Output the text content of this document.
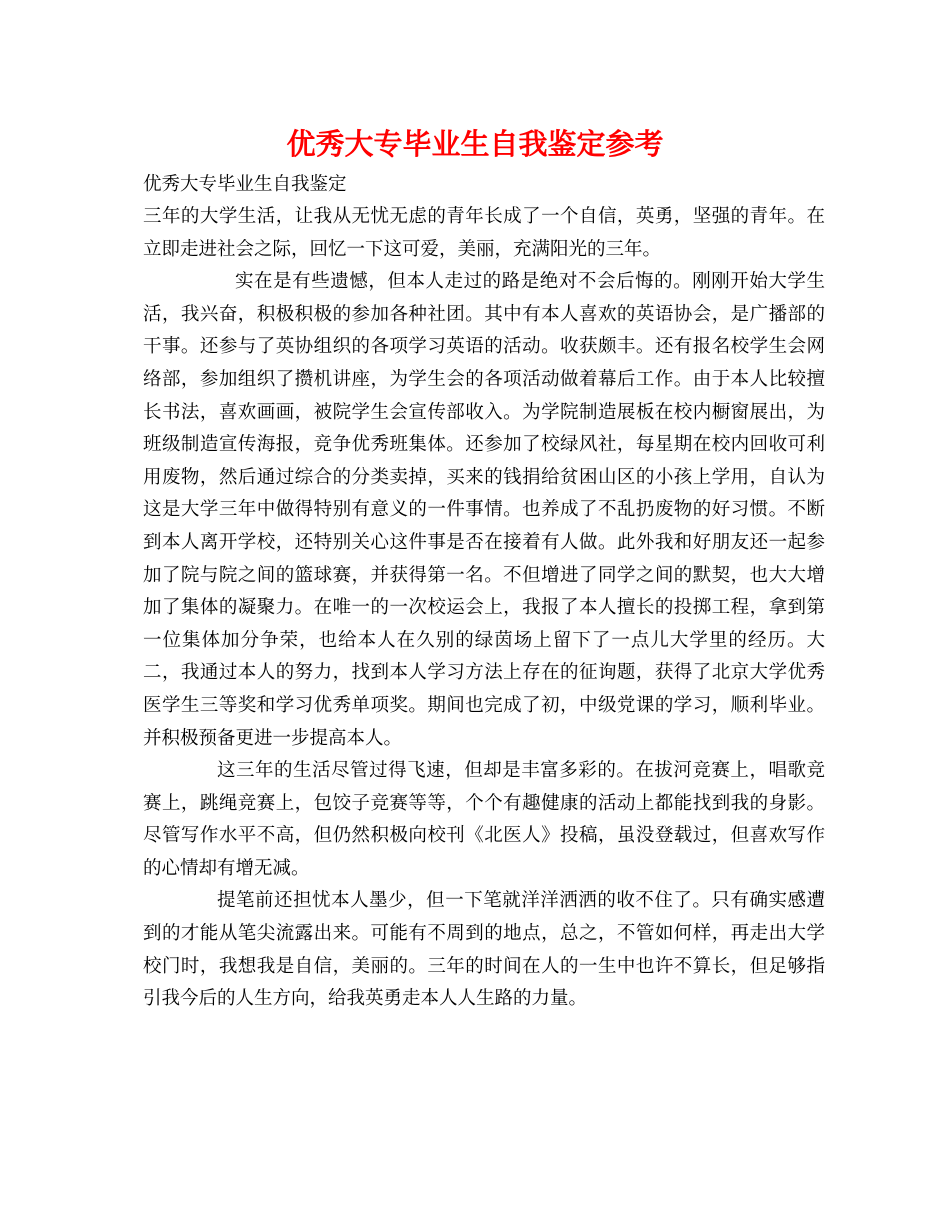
优秀大专毕业生自我鉴定参考

优秀大专毕业生自我鉴定

三年的大学生活，让我从无忧无虑的青年长成了一个自信，英勇，坚强的青年。在立即走进社会之际，回忆一下这可爱，美丽，充满阳光的三年。

实在是有些遗憾，但本人走过的路是绝对不会后悔的。刚刚开始大学生活，我兴奋，积极积极的参加各种社团。其中有本人喜欢的英语协会，是广播部的干事。还参与了英协组织的各项学习英语的活动。收获颇丰。还有报名校学生会网络部，参加组织了攒机讲座，为学生会的各项活动做着幕后工作。由于本人比较擅长书法，喜欢画画，被院学生会宣传部收入。为学院制造展板在校内橱窗展出，为班级制造宣传海报，竞争优秀班集体。还参加了校绿风社，每星期在校内回收可利用废物，然后通过综合的分类卖掉，买来的钱捐给贫困山区的小孩上学用，自认为这是大学三年中做得特别有意义的一件事情。也养成了不乱扔废物的好习惯。不断到本人离开学校，还特别关心这件事是否在接着有人做。此外我和好朋友还一起参加了院与院之间的篮球赛，并获得第一名。不但增进了同学之间的默契，也大大增加了集体的凝聚力。在唯一的一次校运会上，我报了本人擅长的投掷工程，拿到第一位集体加分争荣，也给本人在久别的绿茵场上留下了一点儿大学里的经历。大二，我通过本人的努力，找到本人学习方法上存在的征询题，获得了北京大学优秀医学生三等奖和学习优秀单项奖。期间也完成了初，中级党课的学习，顺利毕业。并积极预备更进一步提高本人。

这三年的生活尽管过得飞速，但却是丰富多彩的。在拔河竞赛上，唱歌竞赛上，跳绳竞赛上，包饺子竞赛等等，个个有趣健康的活动上都能找到我的身影。尽管写作水平不高，但仍然积极向校刊《北医人》投稿，虽没登载过，但喜欢写作的心情却有增无减。

提笔前还担忧本人墨少，但一下笔就洋洋洒洒的收不住了。只有确实感遭到的才能从笔尖流露出来。可能有不周到的地点，总之，不管如何样，再走出大学校门时，我想我是自信，美丽的。三年的时间在人的一生中也许不算长，但足够指引我今后的人生方向，给我英勇走本人人生路的力量。
